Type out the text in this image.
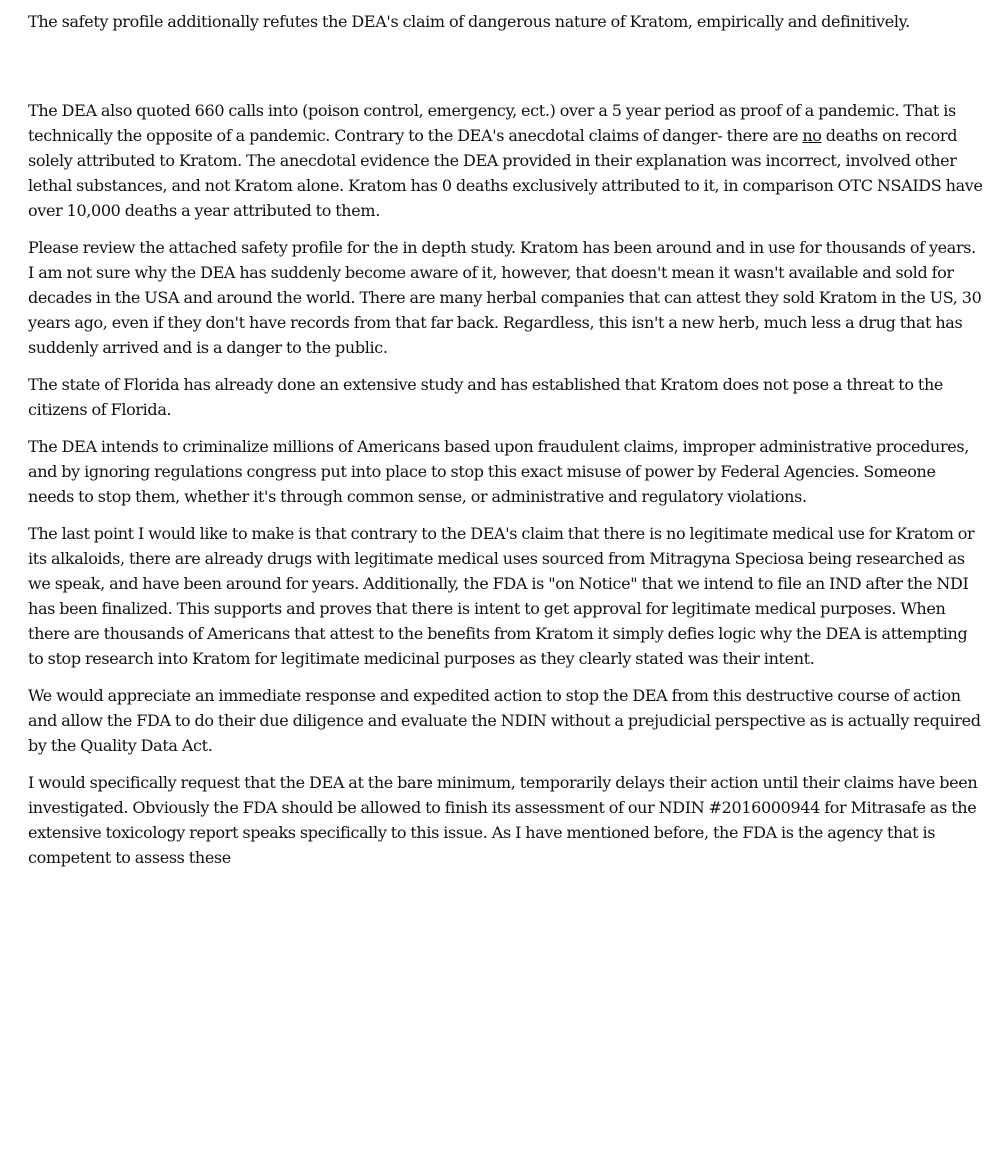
The safety profile additionally refutes the DEA's claim of dangerous nature of Kratom, empirically and definitively.

The DEA also quoted 660 calls into (poison control, emergency, ect.) over a 5 year period as proof of a pandemic. That is technically the opposite of a pandemic. Contrary to the DEA's anecdotal claims of danger- there are no deaths on record solely attributed to Kratom. The anecdotal evidence the DEA provided in their explanation was incorrect, involved other lethal substances, and not Kratom alone. Kratom has 0 deaths exclusively attributed to it, in comparison OTC NSAIDS have over 10,000 deaths a year attributed to them.

Please review the attached safety profile for the in depth study. Kratom has been around and in use for thousands of years. I am not sure why the DEA has suddenly become aware of it, however, that doesn't mean it wasn't available and sold for decades in the USA and around the world. There are many herbal companies that can attest they sold Kratom in the US, 30 years ago, even if they don't have records from that far back. Regardless, this isn't a new herb, much less a drug that has suddenly arrived and is a danger to the public.

The state of Florida has already done an extensive study and has established that Kratom does not pose a threat to the citizens of Florida.

The DEA intends to criminalize millions of Americans based upon fraudulent claims, improper administrative procedures, and by ignoring regulations congress put into place to stop this exact misuse of power by Federal Agencies. Someone needs to stop them, whether it's through common sense, or administrative and regulatory violations.

The last point I would like to make is that contrary to the DEA's claim that there is no legitimate medical use for Kratom or its alkaloids, there are already drugs with legitimate medical uses sourced from Mitragyna Speciosa being researched as we speak, and have been around for years. Additionally, the FDA is "on Notice" that we intend to file an IND after the NDI has been finalized. This supports and proves that there is intent to get approval for legitimate medical purposes. When there are thousands of Americans that attest to the benefits from Kratom it simply defies logic why the DEA is attempting to stop research into Kratom for legitimate medicinal purposes as they clearly stated was their intent.

We would appreciate an immediate response and expedited action to stop the DEA from this destructive course of action and allow the FDA to do their due diligence and evaluate the NDIN without a prejudicial perspective as is actually required by the Quality Data Act.

I would specifically request that the DEA at the bare minimum, temporarily delays their action until their claims have been investigated. Obviously the FDA should be allowed to finish its assessment of our NDIN #2016000944 for Mitrasafe as the extensive toxicology report speaks specifically to this issue. As I have mentioned before, the FDA is the agency that is competent to assess these
